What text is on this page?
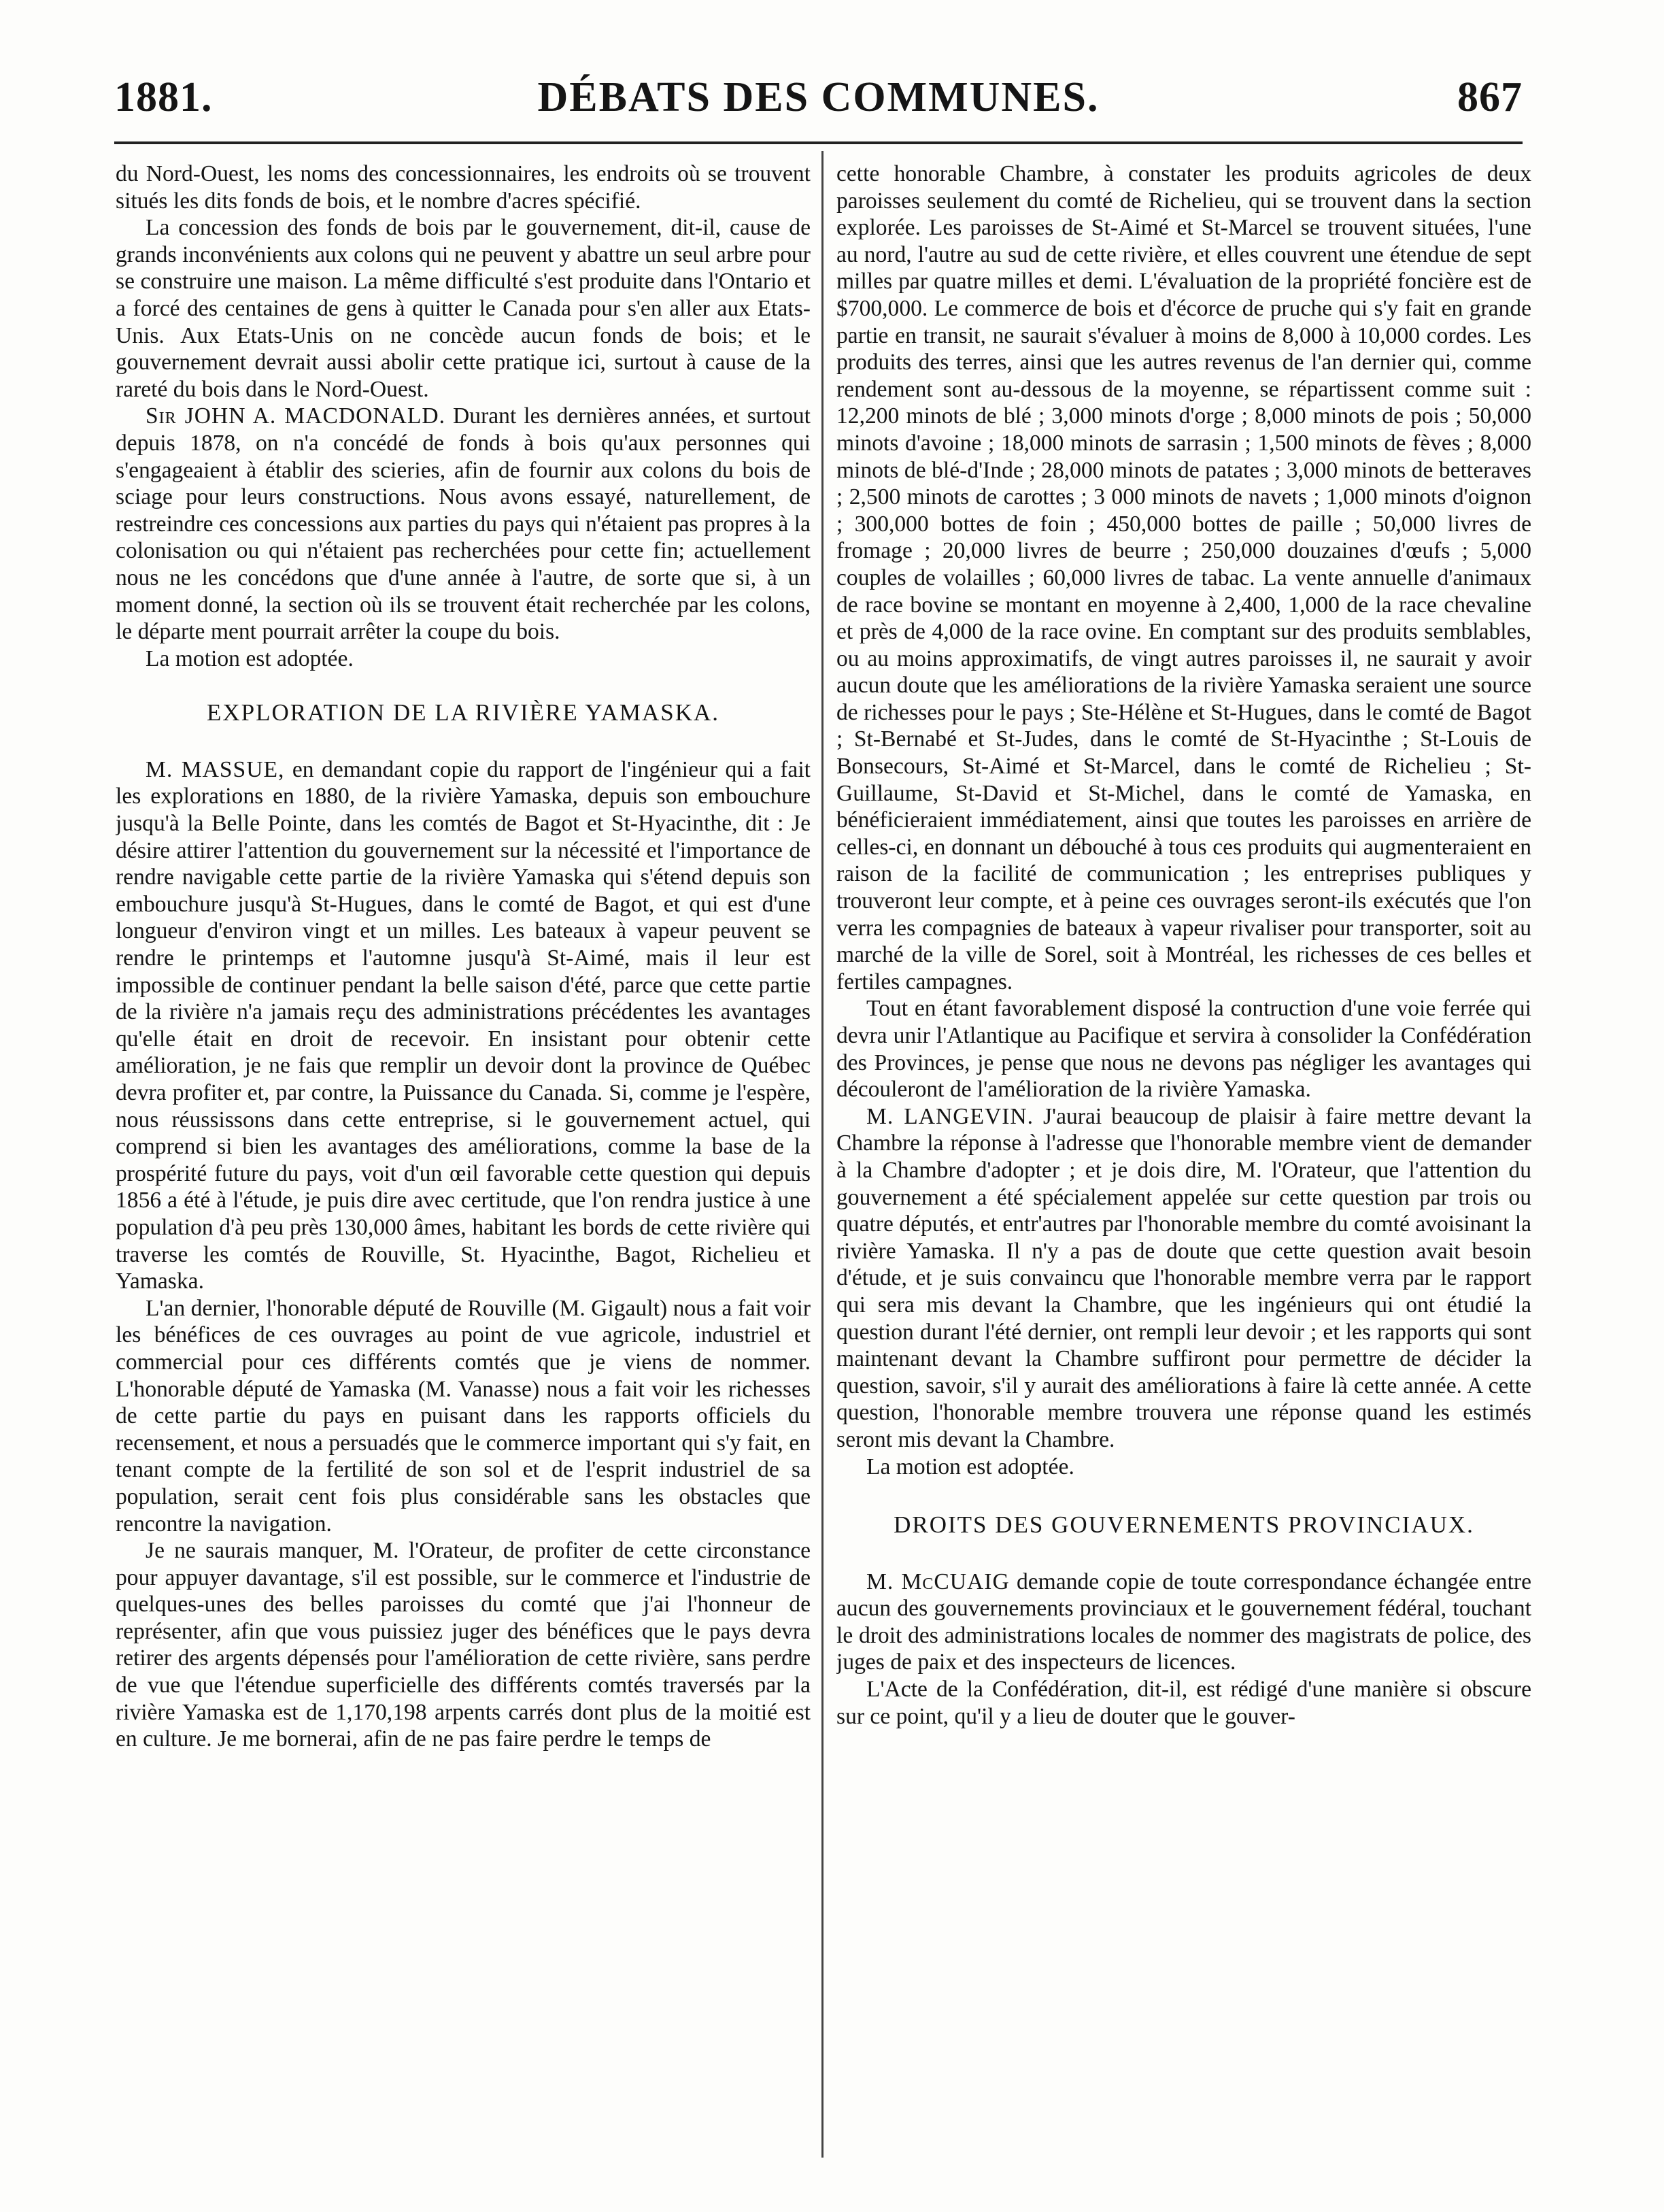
1881.	DÉBATS DES COMMUNES.	867

du Nord-Ouest, les noms des concessionnaires, les endroits où se trouvent situés les dits fonds de bois, et le nombre d'acres spécifié.

La concession des fonds de bois par le gouvernement, dit-il, cause de grands inconvénients aux colons qui ne peuvent y abattre un seul arbre pour se construire une maison. La même difficulté s'est produite dans l'Ontario et a forcé des centaines de gens à quitter le Canada pour s'en aller aux Etats-Unis. Aux Etats-Unis on ne concède aucun fonds de bois; et le gouvernement devrait aussi abolir cette pratique ici, surtout à cause de la rareté du bois dans le Nord-Ouest.

Sir JOHN A. MACDONALD. Durant les dernières années, et surtout depuis 1878, on n'a concédé de fonds à bois qu'aux personnes qui s'engageaient à établir des scieries, afin de fournir aux colons du bois de sciage pour leurs constructions. Nous avons essayé, naturellement, de restreindre ces concessions aux parties du pays qui n'étaient pas propres à la colonisation ou qui n'étaient pas recherchées pour cette fin; actuellement nous ne les concédons que d'une année à l'autre, de sorte que si, à un moment donné, la section où ils se trouvent était recherchée par les colons, le départe ment pourrait arrêter la coupe du bois.

La motion est adoptée.

EXPLORATION DE LA RIVIÈRE YAMASKA.

M. MASSUE, en demandant copie du rapport de l'ingénieur qui a fait les explorations en 1880, de la rivière Yamaska, depuis son embouchure jusqu'à la Belle Pointe, dans les comtés de Bagot et St-Hyacinthe, dit : Je désire attirer l'attention du gouvernement sur la nécessité et l'importance de rendre navigable cette partie de la rivière Yamaska qui s'étend depuis son embouchure jusqu'à St-Hugues, dans le comté de Bagot, et qui est d'une longueur d'environ vingt et un milles. Les bateaux à vapeur peuvent se rendre le printemps et l'automne jusqu'à St-Aimé, mais il leur est impossible de continuer pendant la belle saison d'été, parce que cette partie de la rivière n'a jamais reçu des administrations précédentes les avantages qu'elle était en droit de recevoir. En insistant pour obtenir cette amélioration, je ne fais que remplir un devoir dont la province de Québec devra profiter et, par contre, la Puissance du Canada. Si, comme je l'espère, nous réussissons dans cette entreprise, si le gouvernement actuel, qui comprend si bien les avantages des améliorations, comme la base de la prospérité future du pays, voit d'un œil favorable cette question qui depuis 1856 a été à l'étude, je puis dire avec certitude, que l'on rendra justice à une population d'à peu près 130,000 âmes, habitant les bords de cette rivière qui traverse les comtés de Rouville, St. Hyacinthe, Bagot, Richelieu et Yamaska.

L'an dernier, l'honorable député de Rouville (M. Gigault) nous a fait voir les bénéfices de ces ouvrages au point de vue agricole, industriel et commercial pour ces différents comtés que je viens de nommer. L'honorable député de Yamaska (M. Vanasse) nous a fait voir les richesses de cette partie du pays en puisant dans les rapports officiels du recensement, et nous a persuadés que le commerce important qui s'y fait, en tenant compte de la fertilité de son sol et de l'esprit industriel de sa population, serait cent fois plus considérable sans les obstacles que rencontre la navigation.

Je ne saurais manquer, M. l'Orateur, de profiter de cette circonstance pour appuyer davantage, s'il est possible, sur le commerce et l'industrie de quelques-unes des belles paroisses du comté que j'ai l'honneur de représenter, afin que vous puissiez juger des bénéfices que le pays devra retirer des argents dépensés pour l'amélioration de cette rivière, sans perdre de vue que l'étendue superficielle des différents comtés traversés par la rivière Yamaska est de 1,170,198 arpents carrés dont plus de la moitié est en culture. Je me bornerai, afin de ne pas faire perdre le temps de

cette honorable Chambre, à constater les produits agricoles de deux paroisses seulement du comté de Richelieu, qui se trouvent dans la section explorée. Les paroisses de St-Aimé et St-Marcel se trouvent situées, l'une au nord, l'autre au sud de cette rivière, et elles couvrent une étendue de sept milles par quatre milles et demi. L'évaluation de la propriété foncière est de $700,000. Le commerce de bois et d'écorce de pruche qui s'y fait en grande partie en transit, ne saurait s'évaluer à moins de 8,000 à 10,000 cordes. Les produits des terres, ainsi que les autres revenus de l'an dernier qui, comme rendement sont au-dessous de la moyenne, se répartissent comme suit : 12,200 minots de blé ; 3,000 minots d'orge ; 8,000 minots de pois ; 50,000 minots d'avoine ; 18,000 minots de sarrasin ; 1,500 minots de fèves ; 8,000 minots de blé-d'Inde ; 28,000 minots de patates ; 3,000 minots de betteraves ; 2,500 minots de carottes ; 3 000 minots de navets ; 1,000 minots d'oignon ; 300,000 bottes de foin ; 450,000 bottes de paille ; 50,000 livres de fromage ; 20,000 livres de beurre ; 250,000 douzaines d'œufs ; 5,000 couples de volailles ; 60,000 livres de tabac. La vente annuelle d'animaux de race bovine se montant en moyenne à 2,400, 1,000 de la race chevaline et près de 4,000 de la race ovine. En comptant sur des produits semblables, ou au moins approximatifs, de vingt autres paroisses il, ne saurait y avoir aucun doute que les améliorations de la rivière Yamaska seraient une source de richesses pour le pays ; Ste-Hélène et St-Hugues, dans le comté de Bagot ; St-Bernabé et St-Judes, dans le comté de St-Hyacinthe ; St-Louis de Bonsecours, St-Aimé et St-Marcel, dans le comté de Richelieu ; St-Guillaume, St-David et St-Michel, dans le comté de Yamaska, en bénéficieraient immédiatement, ainsi que toutes les paroisses en arrière de celles-ci, en donnant un débouché à tous ces produits qui augmenteraient en raison de la facilité de communication ; les entreprises publiques y trouveront leur compte, et à peine ces ouvrages seront-ils exécutés que l'on verra les compagnies de bateaux à vapeur rivaliser pour transporter, soit au marché de la ville de Sorel, soit à Montréal, les richesses de ces belles et fertiles campagnes.

Tout en étant favorablement disposé la contruction d'une voie ferrée qui devra unir l'Atlantique au Pacifique et servira à consolider la Confédération des Provinces, je pense que nous ne devons pas négliger les avantages qui découleront de l'amélioration de la rivière Yamaska.

M. LANGEVIN. J'aurai beaucoup de plaisir à faire mettre devant la Chambre la réponse à l'adresse que l'honorable membre vient de demander à la Chambre d'adopter ; et je dois dire, M. l'Orateur, que l'attention du gouvernement a été spécialement appelée sur cette question par trois ou quatre députés, et entr'autres par l'honorable membre du comté avoisinant la rivière Yamaska. Il n'y a pas de doute que cette question avait besoin d'étude, et je suis convaincu que l'honorable membre verra par le rapport qui sera mis devant la Chambre, que les ingénieurs qui ont étudié la question durant l'été dernier, ont rempli leur devoir ; et les rapports qui sont maintenant devant la Chambre suffiront pour permettre de décider la question, savoir, s'il y aurait des améliorations à faire là cette année. A cette question, l'honorable membre trouvera une réponse quand les estimés seront mis devant la Chambre.

La motion est adoptée.

DROITS DES GOUVERNEMENTS PROVINCIAUX.

M. McCUAIG demande copie de toute correspondance échangée entre aucun des gouvernements provinciaux et le gouvernement fédéral, touchant le droit des administrations locales de nommer des magistrats de police, des juges de paix et des inspecteurs de licences.

L'Acte de la Confédération, dit-il, est rédigé d'une manière si obscure sur ce point, qu'il y a lieu de douter que le gouver-
